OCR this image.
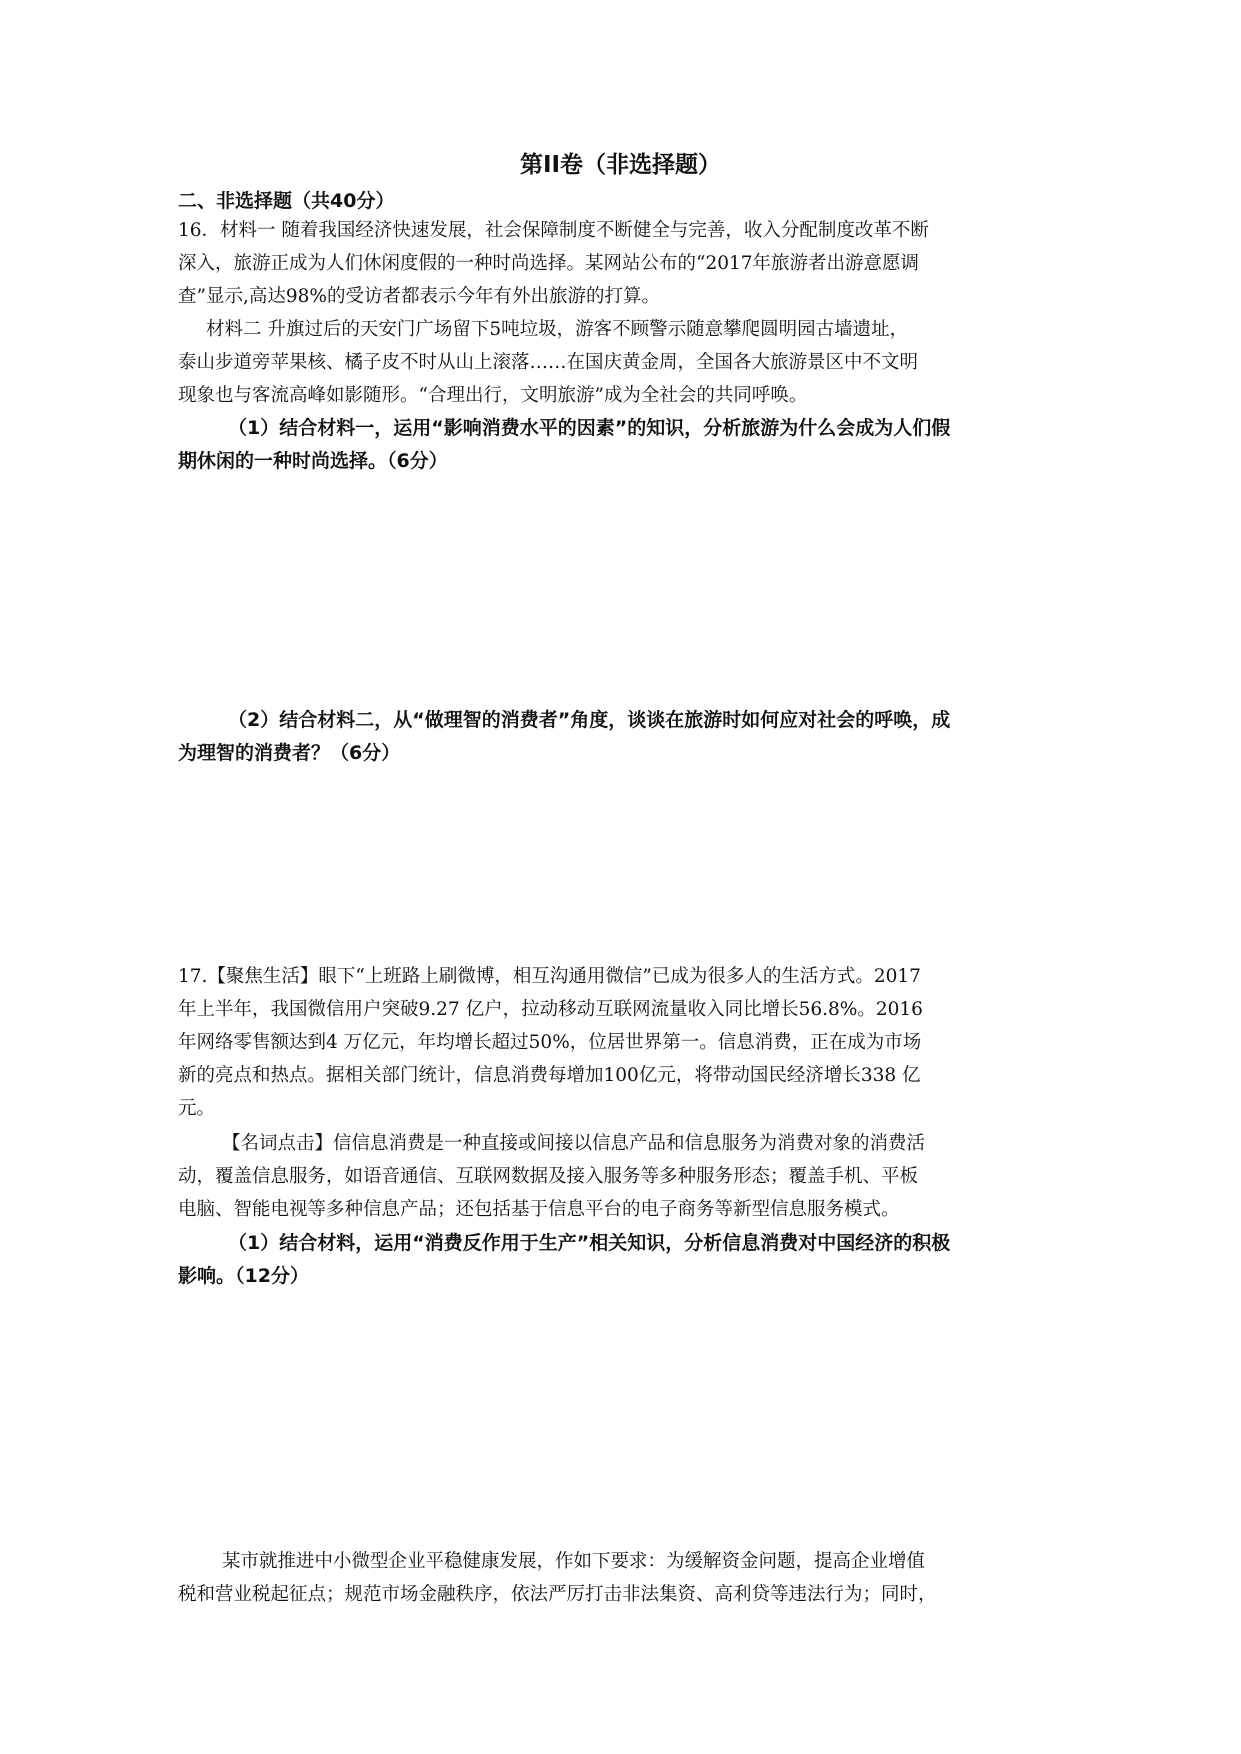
第II卷（非选择题）
二、非选择题（共40分）
16．材料一 随着我国经济快速发展，社会保障制度不断健全与完善，收入分配制度改革不断
深入，旅游正成为人们休闲度假的一种时尚选择。某网站公布的“2017年旅游者出游意愿调
查”显示,高达98%的受访者都表示今年有外出旅游的打算。
材料二 升旗过后的天安门广场留下5吨垃圾，游客不顾警示随意攀爬圆明园古墙遗址，
泰山步道旁苹果核、橘子皮不时从山上滚落……在国庆黄金周，全国各大旅游景区中不文明
现象也与客流高峰如影随形。“合理出行，文明旅游”成为全社会的共同呼唤。
（1）结合材料一，运用“影响消费水平的因素”的知识，分析旅游为什么会成为人们假
期休闲的一种时尚选择。（6分）
（2）结合材料二，从“做理智的消费者”角度，谈谈在旅游时如何应对社会的呼唤，成
为理智的消费者？（6分）
17.【聚焦生活】眼下“上班路上刷微博，相互沟通用微信”已成为很多人的生活方式。2017
年上半年，我国微信用户突破9.27 亿户，拉动移动互联网流量收入同比增长56.8%。2016
年网络零售额达到4 万亿元，年均增长超过50%，位居世界第一。信息消费，正在成为市场
新的亮点和热点。据相关部门统计，信息消费每增加100亿元，将带动国民经济增长338 亿
元。
【名词点击】信信息消费是一种直接或间接以信息产品和信息服务为消费对象的消费活
动，覆盖信息服务，如语音通信、互联网数据及接入服务等多种服务形态；覆盖手机、平板
电脑、智能电视等多种信息产品；还包括基于信息平台的电子商务等新型信息服务模式。
（1）结合材料，运用“消费反作用于生产”相关知识，分析信息消费对中国经济的积极
影响。（12分）
某市就推进中小微型企业平稳健康发展，作如下要求：为缓解资金问题，提高企业增值
税和营业税起征点；规范市场金融秩序，依法严厉打击非法集资、高利贷等违法行为；同时，
